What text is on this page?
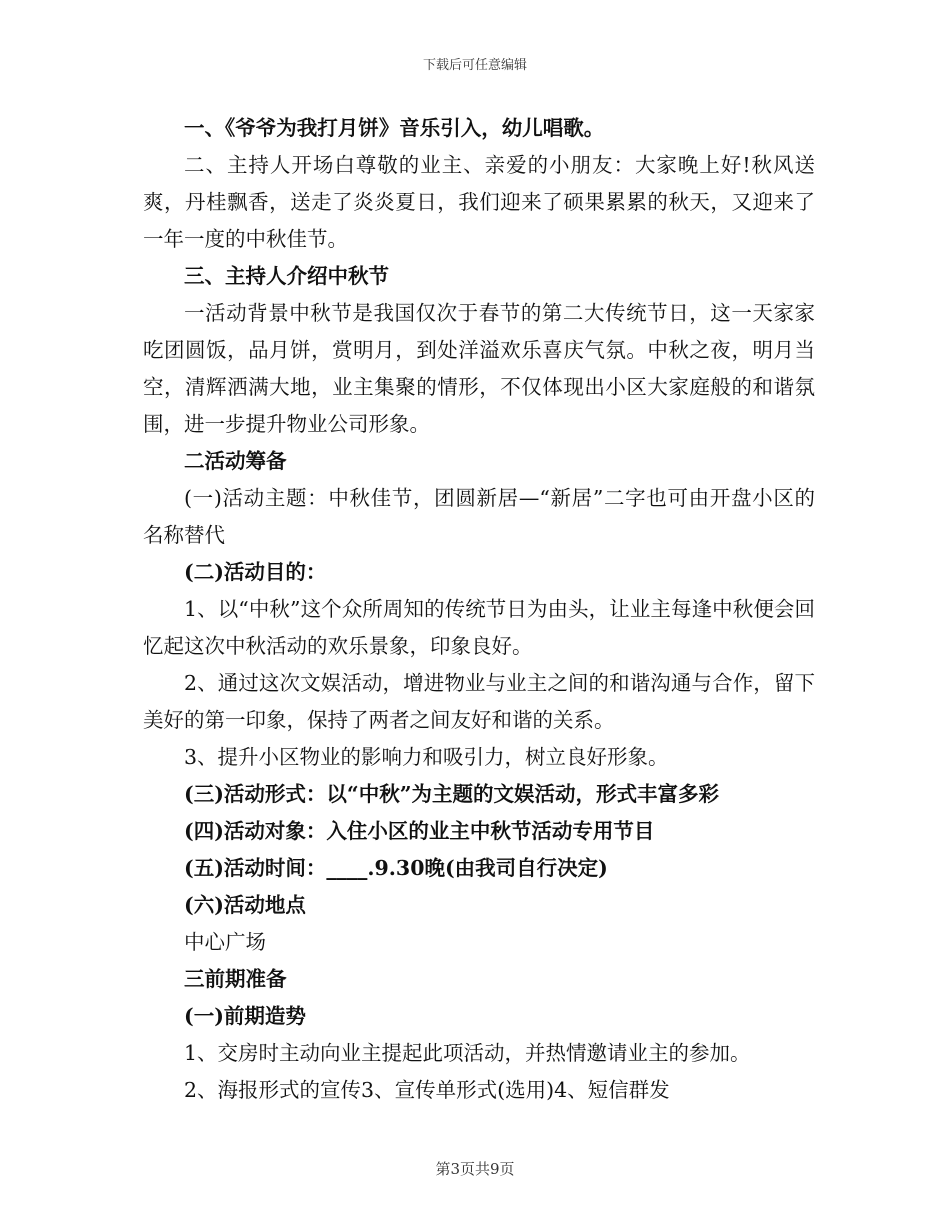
下载后可任意编辑

一、《爷爷为我打月饼》音乐引入，幼儿唱歌。

二、主持人开场白尊敬的业主、亲爱的小朋友：大家晚上好!秋风送爽，丹桂飘香，送走了炎炎夏日，我们迎来了硕果累累的秋天，又迎来了一年一度的中秋佳节。

三、主持人介绍中秋节

一活动背景中秋节是我国仅次于春节的第二大传统节日，这一天家家吃团圆饭，品月饼，赏明月，到处洋溢欢乐喜庆气氛。中秋之夜，明月当空，清辉洒满大地，业主集聚的情形，不仅体现出小区大家庭般的和谐氛围，进一步提升物业公司形象。

二活动筹备

(一)活动主题：中秋佳节，团圆新居—“新居”二字也可由开盘小区的名称替代

(二)活动目的：

1、以“中秋”这个众所周知的传统节日为由头，让业主每逢中秋便会回忆起这次中秋活动的欢乐景象，印象良好。

2、通过这次文娱活动，增进物业与业主之间的和谐沟通与合作，留下美好的第一印象，保持了两者之间友好和谐的关系。

3、提升小区物业的影响力和吸引力，树立良好形象。

(三)活动形式：以“中秋”为主题的文娱活动，形式丰富多彩

(四)活动对象：入住小区的业主中秋节活动专用节目

(五)活动时间：____.9.30晚(由我司自行决定)

(六)活动地点

中心广场

三前期准备

(一)前期造势

1、交房时主动向业主提起此项活动，并热情邀请业主的参加。

2、海报形式的宣传3、宣传单形式(选用)4、短信群发

第3页共9页
